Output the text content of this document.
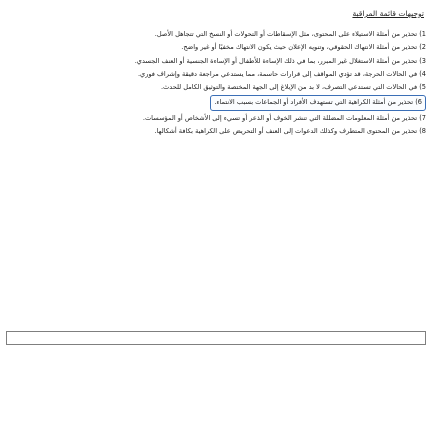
توجيهات قائمة المراقبة
1) تحذير من أمثلة الاستيلاء على المحتوى، مثل الإسقاطات أو التحولات أو النسخ التي تتجاهل الأصل.
2) تحذير من أمثلة الانتهاك الحقوقي، وتنويه الإعلان حيث يكون الانتهاك مخفيًا أو غير واضح.
3) تحذير من أمثلة الاستغلال غير المبرر، بما في ذلك الإساءة للأطفال أو الإساءة الجنسية أو العنف الجسدي.
4) في الحالات الحرجة، قد تؤدي المواقف إلى قرارات حاسمة، مما يستدعي مراجعة دقيقة وإشراف فوري.
5) في الحالات التي تستدعي التصرف، لا بد من الإبلاغ إلى الجهة المختصة والتوثيق الكامل للحدث.
6) تحذير من أمثلة الكراهية التي تستهدف الأفراد أو الجماعات بسبب الانتماء.
7) تحذير من أمثلة المعلومات المضللة التي تنشر الخوف أو الذعر أو تسيء إلى الأشخاص أو المؤسسات.
8) تحذير من المحتوى المتطرف وكذلك الدعوات إلى العنف أو التحريض على الكراهية بكافة أشكالها.
